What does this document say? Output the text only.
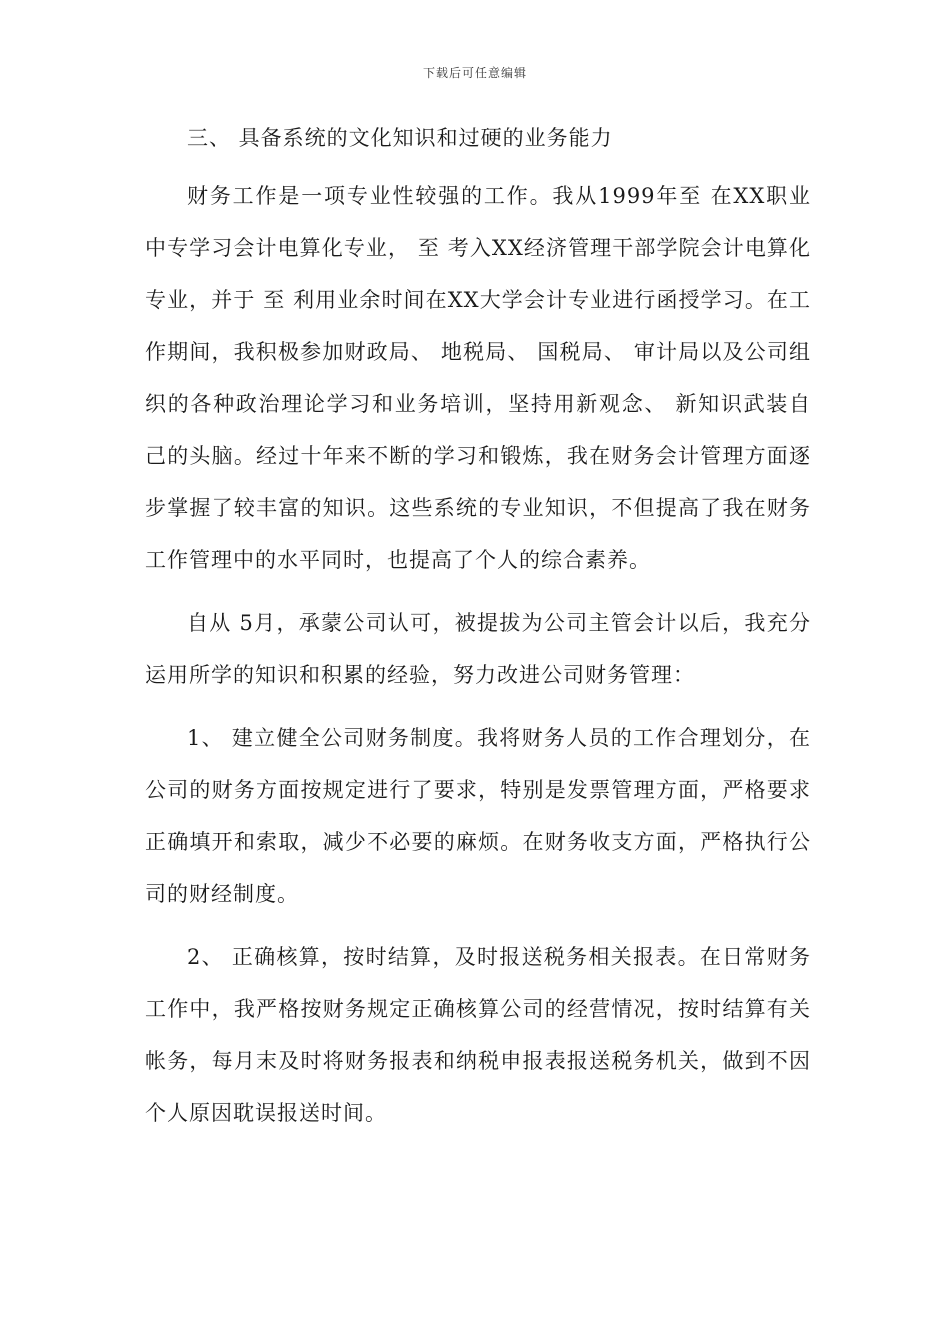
下载后可任意编辑

三、 具备系统的文化知识和过硬的业务能力

财务工作是一项专业性较强的工作。我从1999年至 在XX职业中专学习会计电算化专业， 至 考入XX经济管理干部学院会计电算化专业，并于 至 利用业余时间在XX大学会计专业进行函授学习。在工作期间，我积极参加财政局、 地税局、 国税局、 审计局以及公司组织的各种政治理论学习和业务培训，坚持用新观念、 新知识武装自己的头脑。经过十年来不断的学习和锻炼，我在财务会计管理方面逐步掌握了较丰富的知识。这些系统的专业知识，不但提高了我在财务工作管理中的水平同时，也提高了个人的综合素养。

自从 5月，承蒙公司认可，被提拔为公司主管会计以后，我充分运用所学的知识和积累的经验，努力改进公司财务管理：

1、 建立健全公司财务制度。我将财务人员的工作合理划分，在公司的财务方面按规定进行了要求，特别是发票管理方面，严格要求正确填开和索取，减少不必要的麻烦。在财务收支方面，严格执行公司的财经制度。

2、 正确核算，按时结算，及时报送税务相关报表。在日常财务工作中，我严格按财务规定正确核算公司的经营情况，按时结算有关帐务，每月末及时将财务报表和纳税申报表报送税务机关，做到不因个人原因耽误报送时间。
